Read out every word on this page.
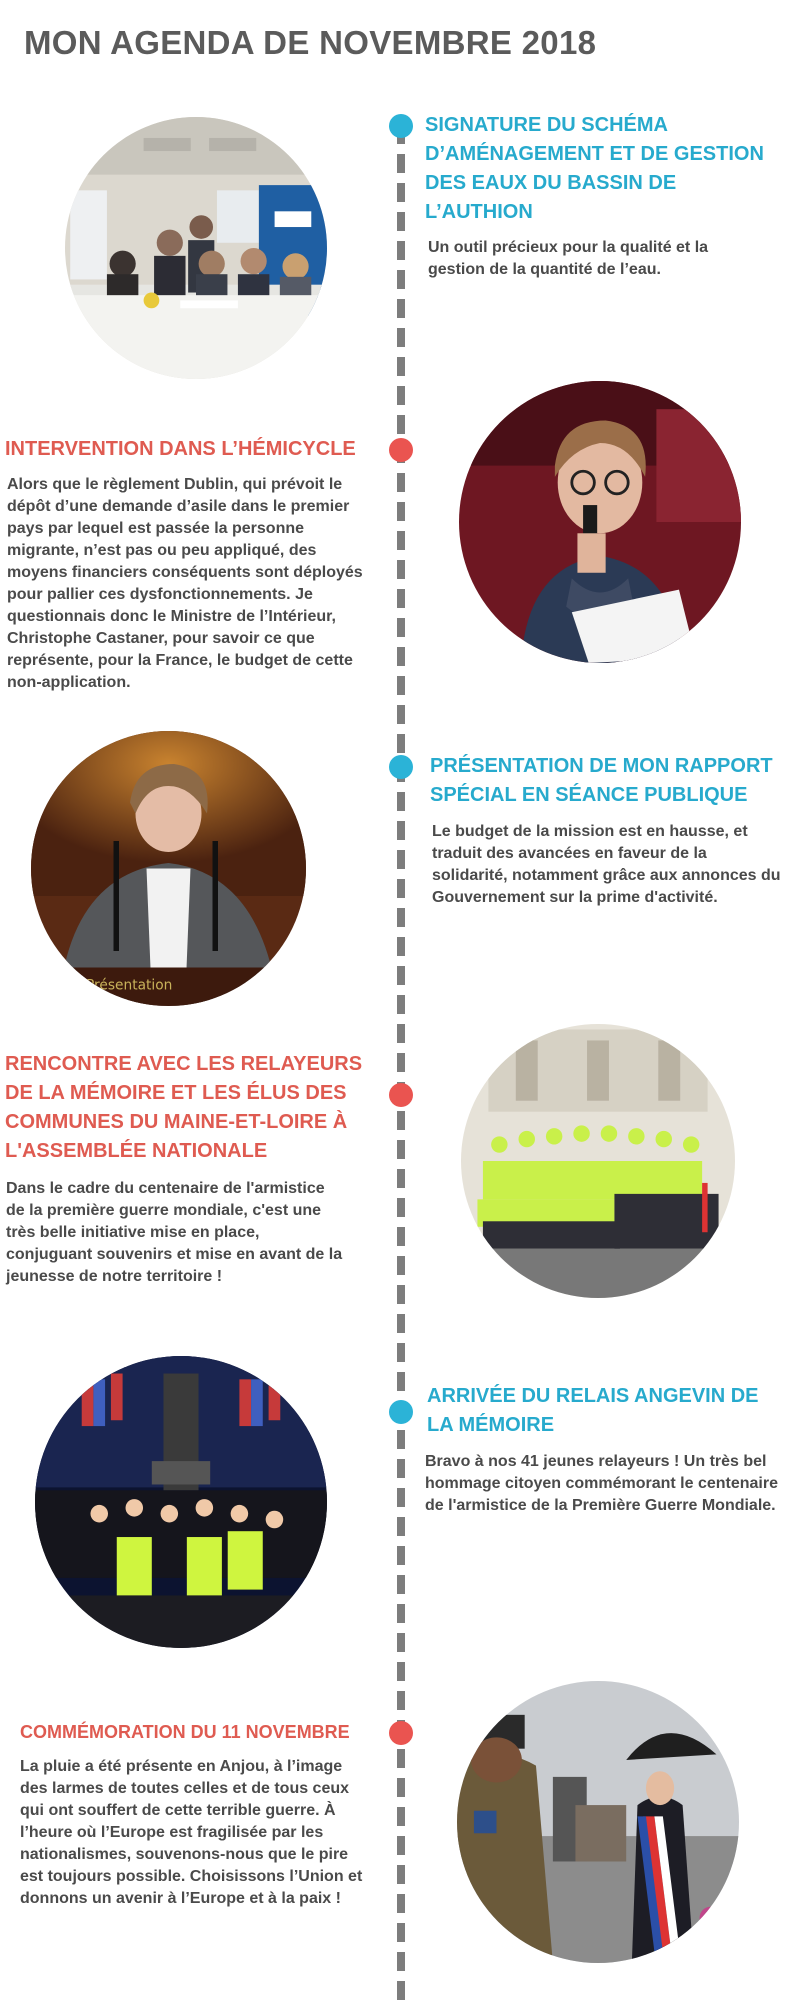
MON AGENDA DE NOVEMBRE 2018
SIGNATURE DU SCHÉMA D’AMÉNAGEMENT ET DE GESTION DES EAUX DU BASSIN DE L’AUTHION
Un outil précieux pour la qualité et la gestion de la quantité de l’eau.
INTERVENTION DANS L’HÉMICYCLE
Alors que le règlement Dublin, qui prévoit le dépôt d’une demande d’asile dans le premier pays par lequel est passée la personne migrante, n’est pas ou peu appliqué, des moyens financiers conséquents sont déployés pour pallier ces dysfonctionnements. Je questionnais donc le Ministre de l’Intérieur, Christophe Castaner, pour savoir ce que représente, pour la France, le budget de cette non-application.
PRÉSENTATION DE MON RAPPORT SPÉCIAL EN SÉANCE PUBLIQUE
Le budget de la mission est en hausse, et traduit des avancées en faveur de la solidarité, notamment grâce aux annonces du Gouvernement sur la prime d'activité.
Présentation
RENCONTRE AVEC LES RELAYEURS DE LA MÉMOIRE ET LES ÉLUS DES COMMUNES DU MAINE-ET-LOIRE À L'ASSEMBLÉE NATIONALE
Dans le cadre du centenaire de l'armistice de la première guerre mondiale, c'est une très belle initiative mise en place, conjuguant souvenirs et mise en avant de la jeunesse de notre territoire !
ARRIVÉE DU RELAIS ANGEVIN DE LA MÉMOIRE
Bravo à nos 41 jeunes relayeurs ! Un très bel hommage citoyen commémorant le centenaire de l'armistice de la Première Guerre Mondiale.
COMMÉMORATION DU 11 NOVEMBRE
La pluie a été présente en Anjou, à l’image des larmes de toutes celles et de tous ceux qui ont souffert de cette terrible guerre. À l’heure où l’Europe est fragilisée par les nationalismes, souvenons-nous que le pire est toujours possible. Choisissons l’Union et donnons un avenir à l’Europe et à la paix !
